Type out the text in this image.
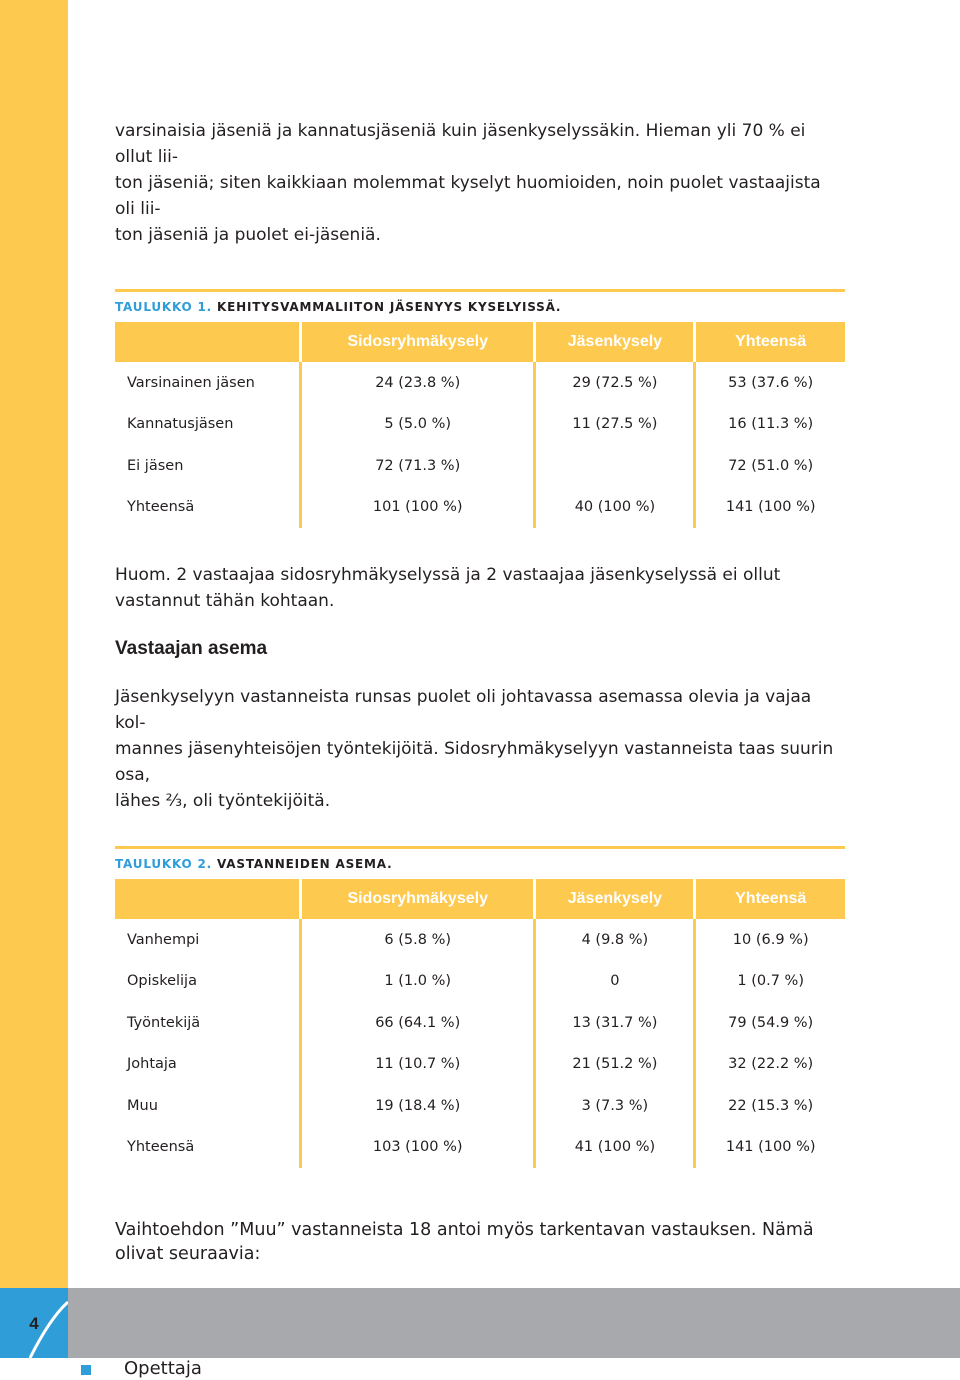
varsinaisia jäseniä ja kannatusjäseniä kuin jäsenkyselyssäkin. Hieman yli 70 % ei ollut lii-
ton jäseniä; siten kaikkiaan molemmat kyselyt huomioiden, noin puolet vastaajista oli lii-
ton jäseniä ja puolet ei-jäseniä.

TAULUKKO 1. KEHITYSVAMMALIITON JÄSENYYS KYSELYISSÄ.

	Sidosryhmäkysely	Jäsenkysely	Yhteensä
Varsinainen jäsen	24 (23.8 %)	29 (72.5 %)	53 (37.6 %)
Kannatusjäsen	5 (5.0 %)	11 (27.5 %)	16 (11.3 %)
Ei jäsen	72 (71.3 %)		72 (51.0 %)
Yhteensä	101 (100 %)	40 (100 %)	141 (100 %)

Huom. 2 vastaajaa sidosryhmäkyselyssä ja 2 vastaajaa jäsenkyselyssä ei ollut vastannut tähän kohtaan.

Vastaajan asema

Jäsenkyselyyn vastanneista runsas puolet oli johtavassa asemassa olevia ja vajaa kol-
mannes jäsenyhteisöjen työntekijöitä. Sidosryhmäkyselyyn vastanneista taas suurin osa,
lähes ⅔, oli työntekijöitä.

TAULUKKO 2. VASTANNEIDEN ASEMA.

	Sidosryhmäkysely	Jäsenkysely	Yhteensä
Vanhempi	6 (5.8 %)	4 (9.8 %)	10 (6.9 %)
Opiskelija	1 (1.0 %)	0	1 (0.7 %)
Työntekijä	66 (64.1 %)	13 (31.7 %)	79 (54.9 %)
Johtaja	11 (10.7 %)	21 (51.2 %)	32 (22.2 %)
Muu	19 (18.4 %)	3 (7.3 %)	22 (15.3 %)
Yhteensä	103 (100 %)	41 (100 %)	141 (100 %)

Vaihtoehdon ”Muu” vastanneista 18 antoi myös tarkentavan vastauksen. Nämä olivat seuraavia:

Opettaja
4
